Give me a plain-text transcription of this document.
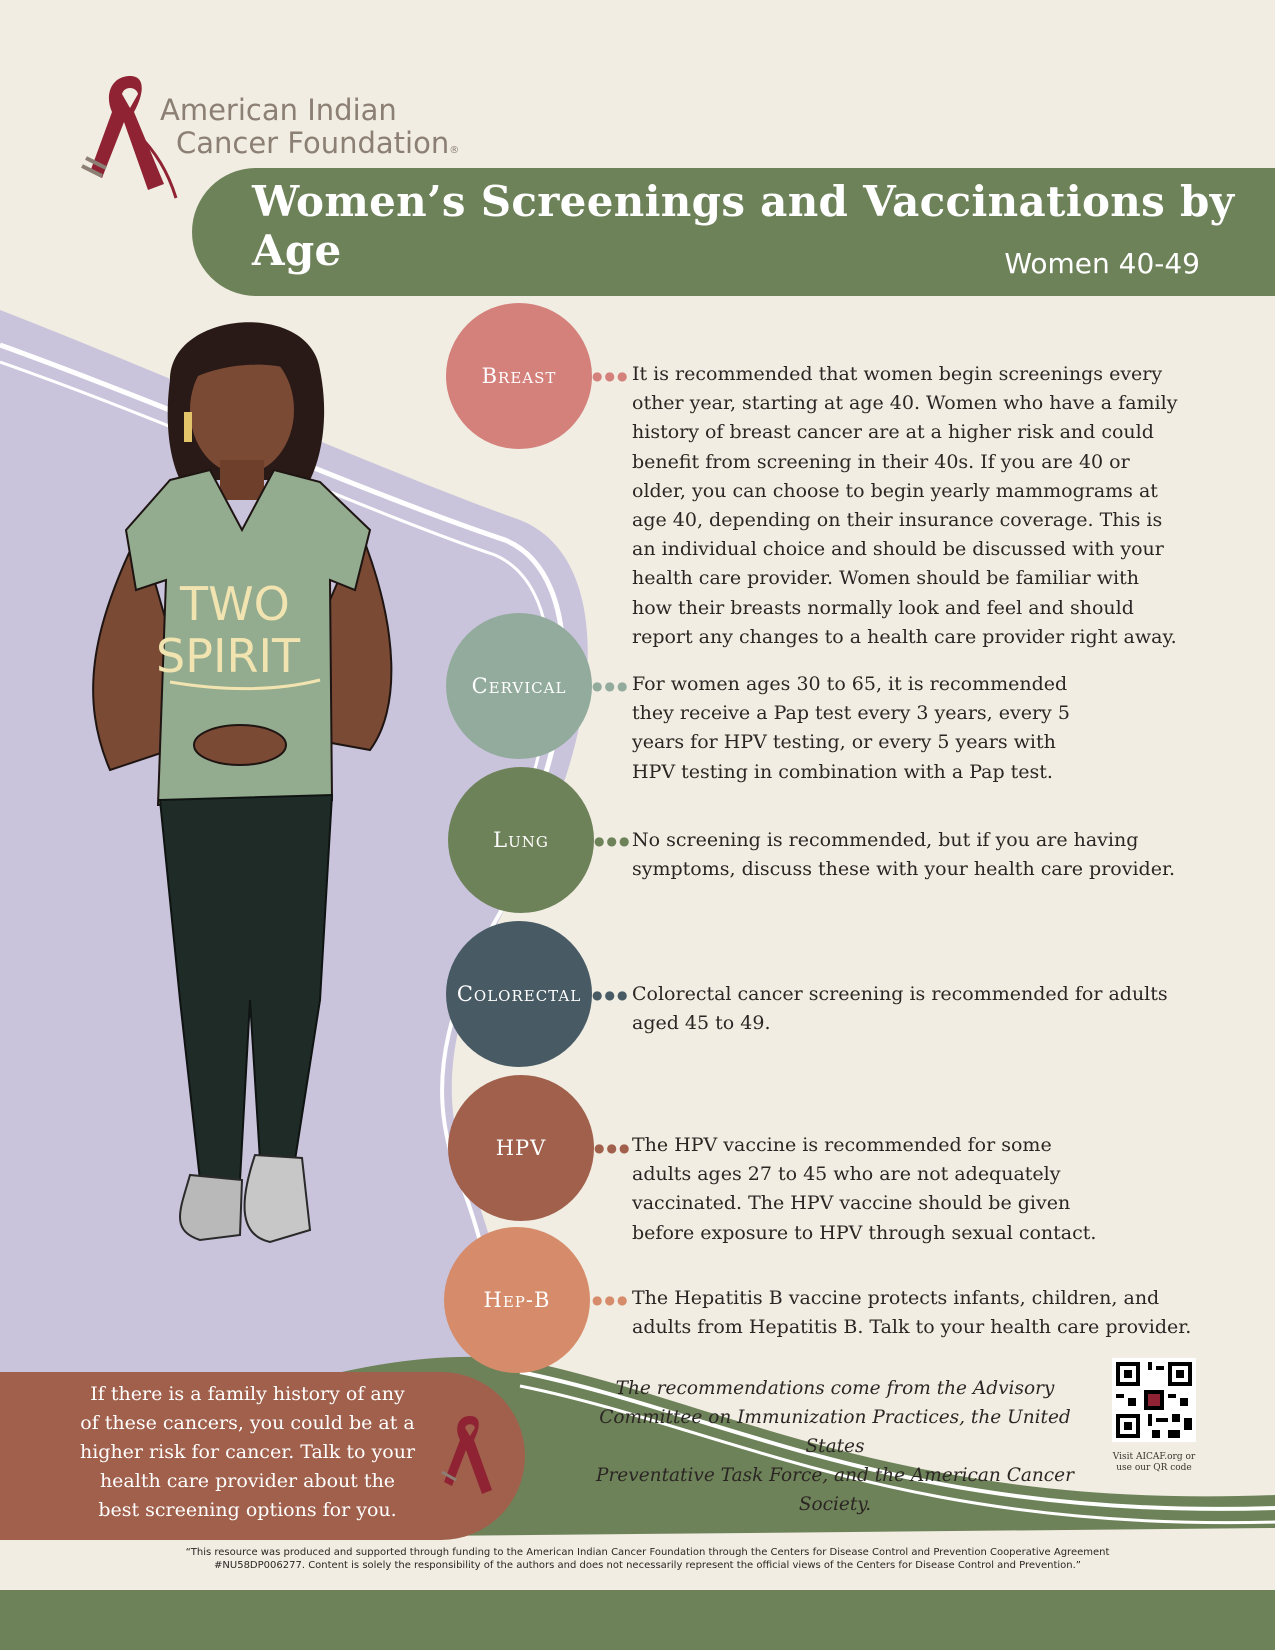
American Indian
Cancer Foundation®
Women’s Screenings and Vaccinations by Age	Women 40-49
TWO
SPIRIT
Breast	●●● It is recommended that women begin screenings every
other year, starting at age 40. Women who have a family
history of breast cancer are at a higher risk and could
benefit from screening in their 40s. If you are 40 or
older, you can choose to begin yearly mammograms at
age 40, depending on their insurance coverage. This is
an individual choice and should be discussed with your
health care provider. Women should be familiar with
how their breasts normally look and feel and should
report any changes to a health care provider right away.
Cervical ●●● For women ages 30 to 65, it is recommended
they receive a Pap test every 3 years, every 5
years for HPV testing, or every 5 years with
HPV testing in combination with a Pap test.
Lung	●●● No screening is recommended, but if you are having
symptoms, discuss these with your health care provider.
Colorectal ●●● Colorectal cancer screening is recommended for adults
aged 45 to 49.
HPV	●●● The HPV vaccine is recommended for some
adults ages 27 to 45 who are not adequately
vaccinated. The HPV vaccine should be given
before exposure to HPV through sexual contact.
Hep-B	●●● The Hepatitis B vaccine protects infants, children, and
adults from Hepatitis B. Talk to your health care provider.
If there is a family history of any
of these cancers, you could be at a
higher risk for cancer. Talk to your
health care provider about the
best screening options for you.
The recommendations come from the Advisory
Committee on Immunization Practices, the United States
Preventative Task Force, and the American Cancer Society.
Visit AICAF.org or
use our QR code
“This resource was produced and supported through funding to the American Indian Cancer Foundation through the Centers for Disease Control and Prevention Cooperative Agreement
#NU58DP006277. Content is solely the responsibility of the authors and does not necessarily represent the official views of the Centers for Disease Control and Prevention.”
